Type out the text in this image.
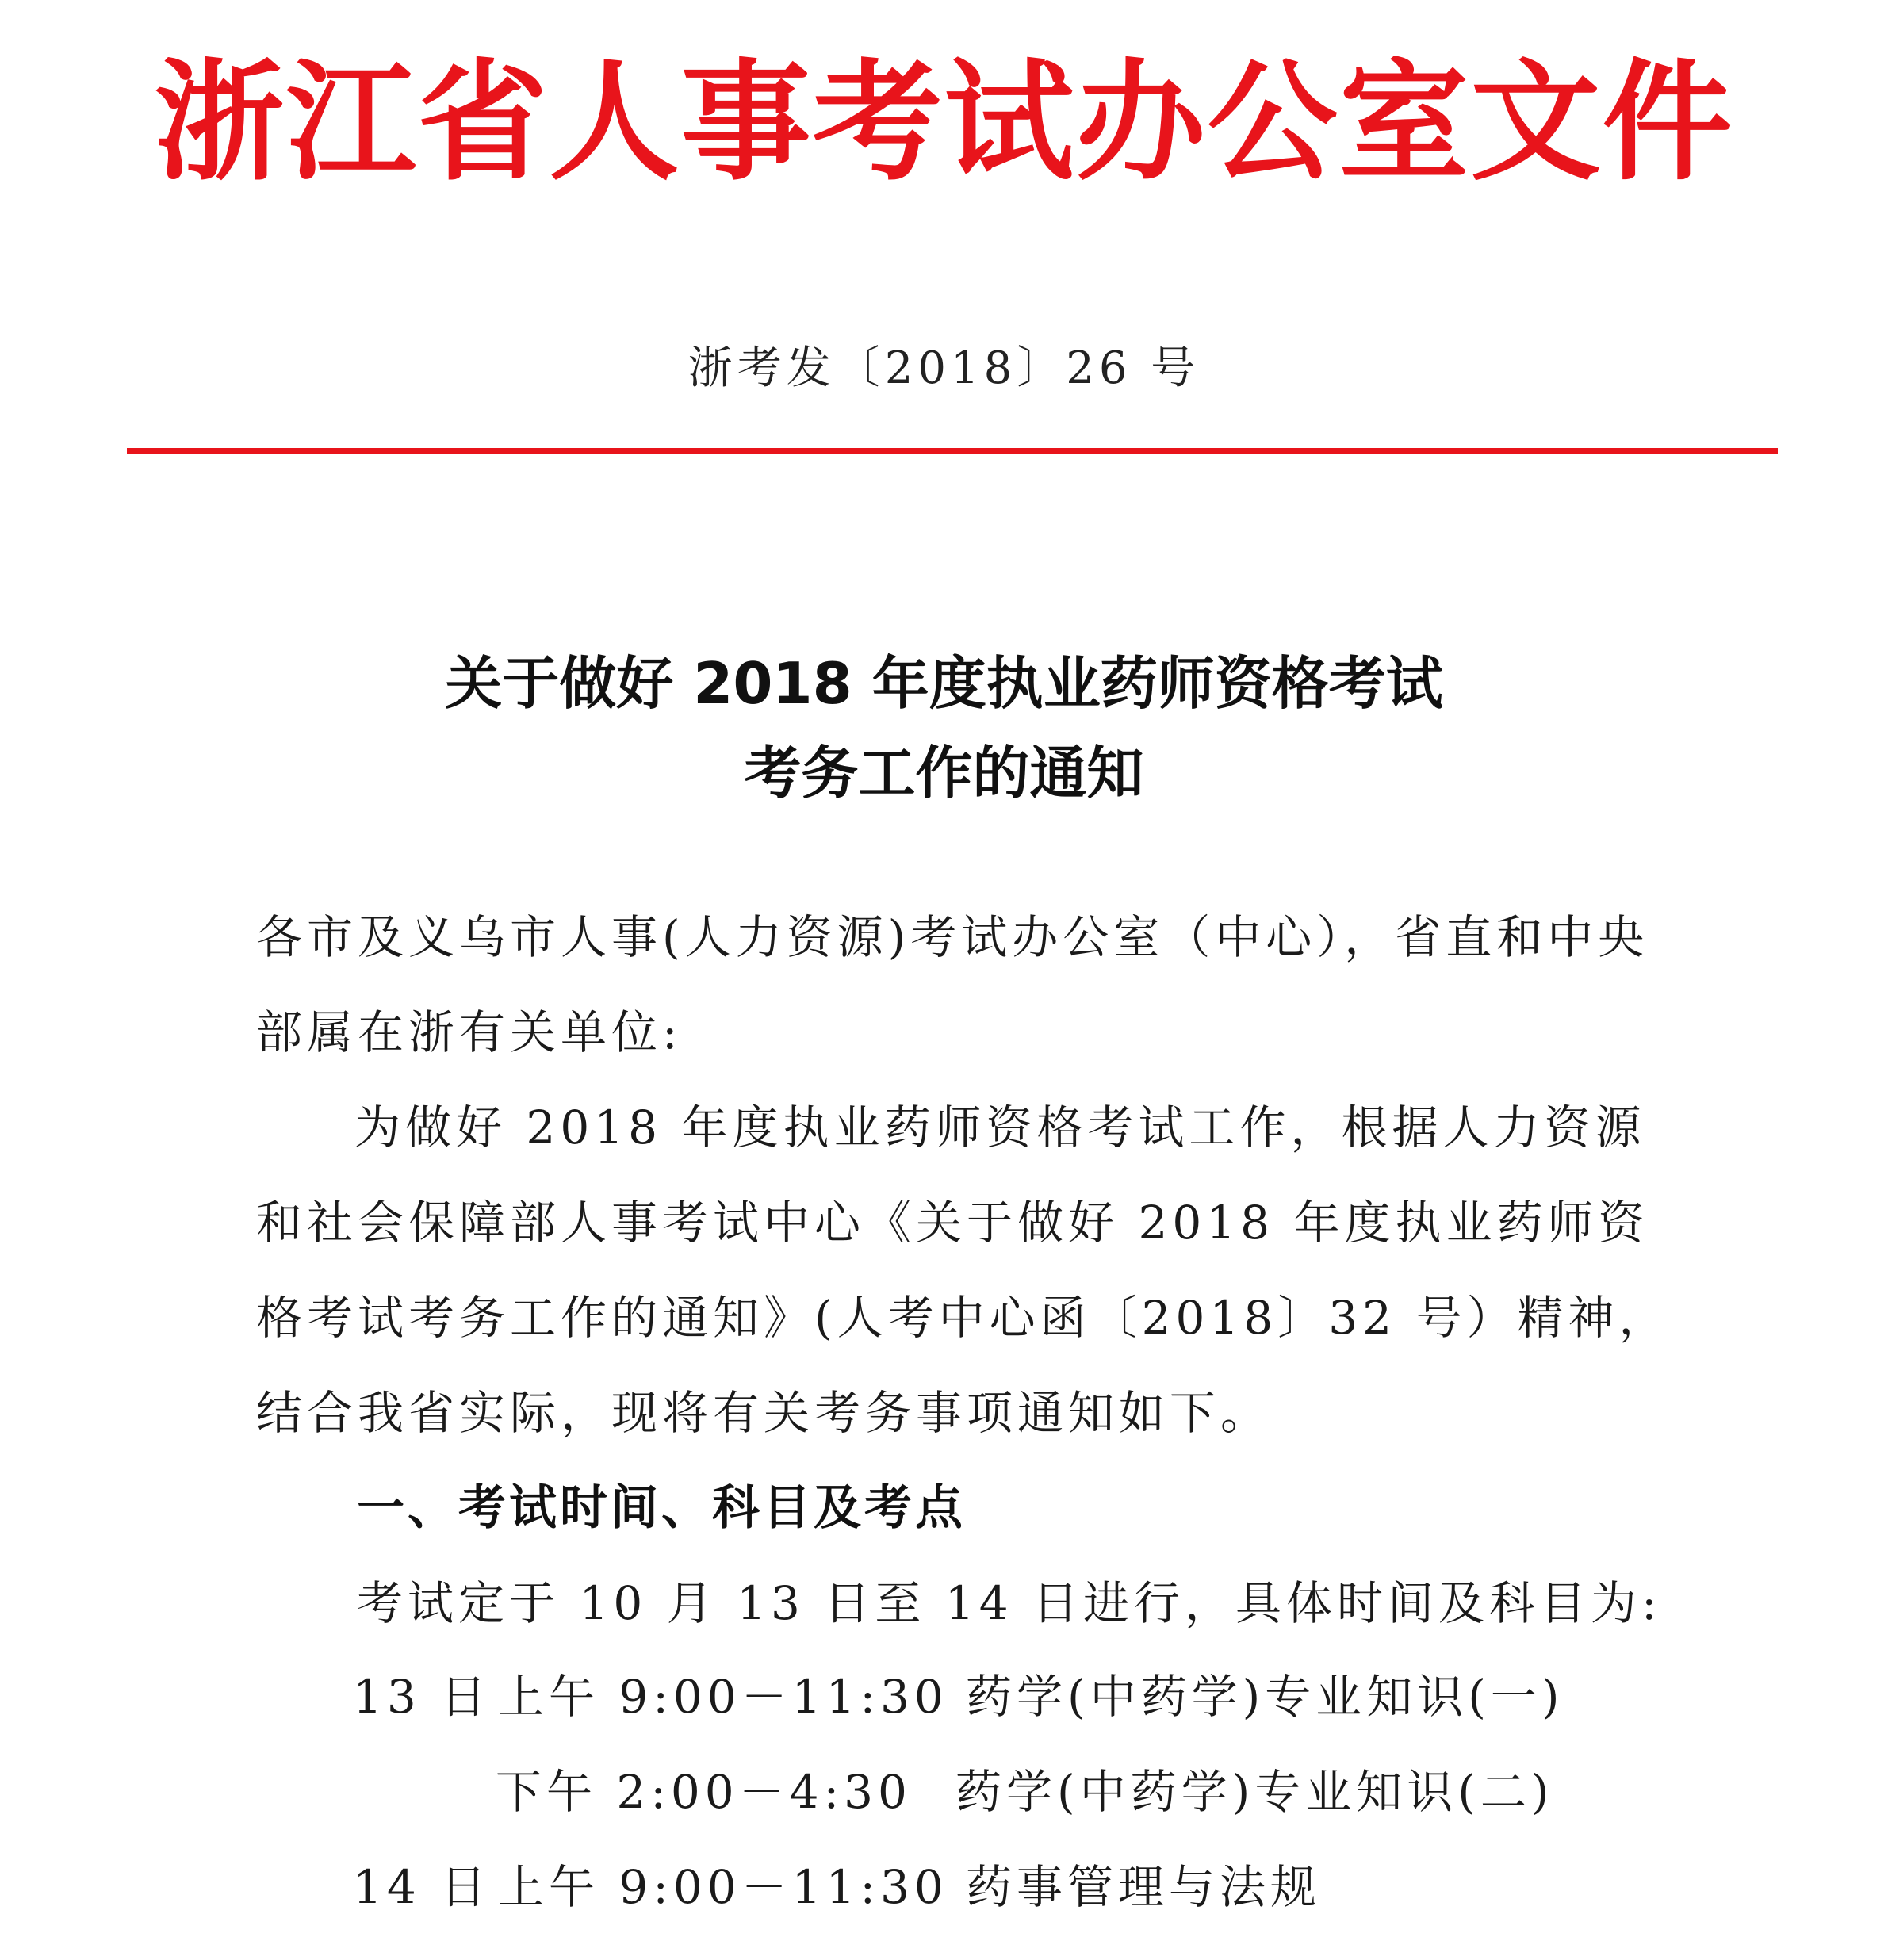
浙江省人事考试办公室文件
浙考发〔2018〕26 号
关于做好 2018 年度执业药师资格考试
考务工作的通知
各市及义乌市人事(人力资源)考试办公室（中心），省直和中央
部属在浙有关单位:
为做好 2018 年度执业药师资格考试工作，根据人力资源
和社会保障部人事考试中心《关于做好 2018 年度执业药师资
格考试考务工作的通知》(人考中心函〔2018〕32 号）精神，
结合我省实际，现将有关考务事项通知如下。
一、考试时间、科目及考点
考试定于 10 月 13 日至 14 日进行，具体时间及科目为:
13 日 上午 9:00－11:30 药学(中药学)专业知识(一)
下午 2:00－4:30 药学(中药学)专业知识(二)
14 日 上午 9:00－11:30 药事管理与法规
